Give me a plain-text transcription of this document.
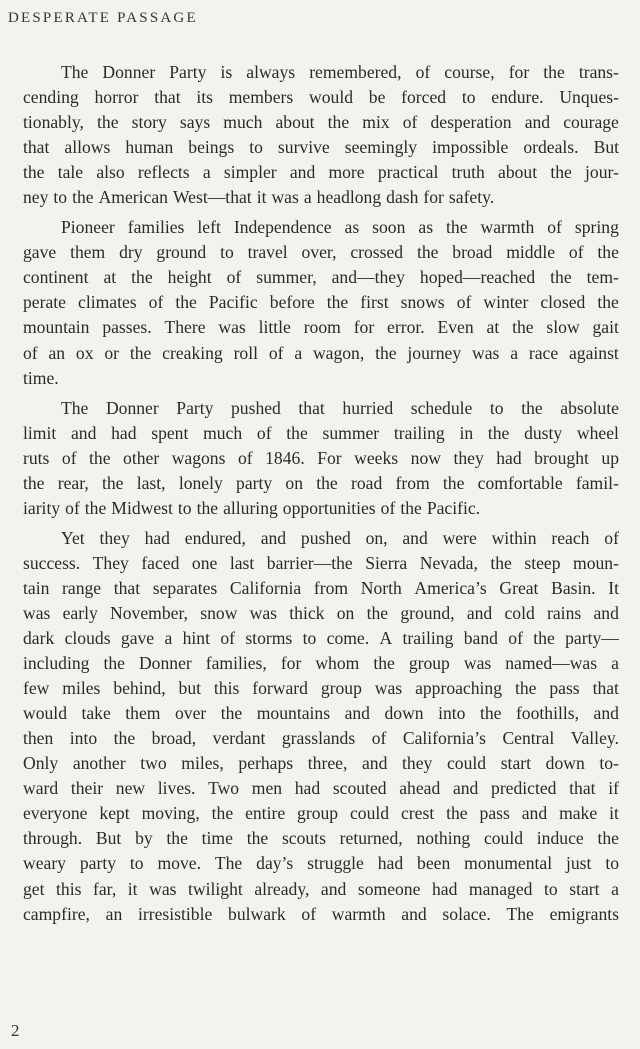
DESPERATE PASSAGE
The Donner Party is always remembered, of course, for the trans-
cending horror that its members would be forced to endure. Unques-
tionably, the story says much about the mix of desperation and courage
that allows human beings to survive seemingly impossible ordeals. But
the tale also reflects a simpler and more practical truth about the jour-
ney to the American West—that it was a headlong dash for safety.
Pioneer families left Independence as soon as the warmth of spring
gave them dry ground to travel over, crossed the broad middle of the
continent at the height of summer, and—they hoped—reached the tem-
perate climates of the Pacific before the first snows of winter closed the
mountain passes. There was little room for error. Even at the slow gait
of an ox or the creaking roll of a wagon, the journey was a race against
time.
The Donner Party pushed that hurried schedule to the absolute
limit and had spent much of the summer trailing in the dusty wheel
ruts of the other wagons of 1846. For weeks now they had brought up
the rear, the last, lonely party on the road from the comfortable famil-
iarity of the Midwest to the alluring opportunities of the Pacific.
Yet they had endured, and pushed on, and were within reach of
success. They faced one last barrier—the Sierra Nevada, the steep moun-
tain range that separates California from North America’s Great Basin. It
was early November, snow was thick on the ground, and cold rains and
dark clouds gave a hint of storms to come. A trailing band of the party—
including the Donner families, for whom the group was named—was a
few miles behind, but this forward group was approaching the pass that
would take them over the mountains and down into the foothills, and
then into the broad, verdant grasslands of California’s Central Valley.
Only another two miles, perhaps three, and they could start down to-
ward their new lives. Two men had scouted ahead and predicted that if
everyone kept moving, the entire group could crest the pass and make it
through. But by the time the scouts returned, nothing could induce the
weary party to move. The day’s struggle had been monumental just to
get this far, it was twilight already, and someone had managed to start a
campfire, an irresistible bulwark of warmth and solace. The emigrants
2
